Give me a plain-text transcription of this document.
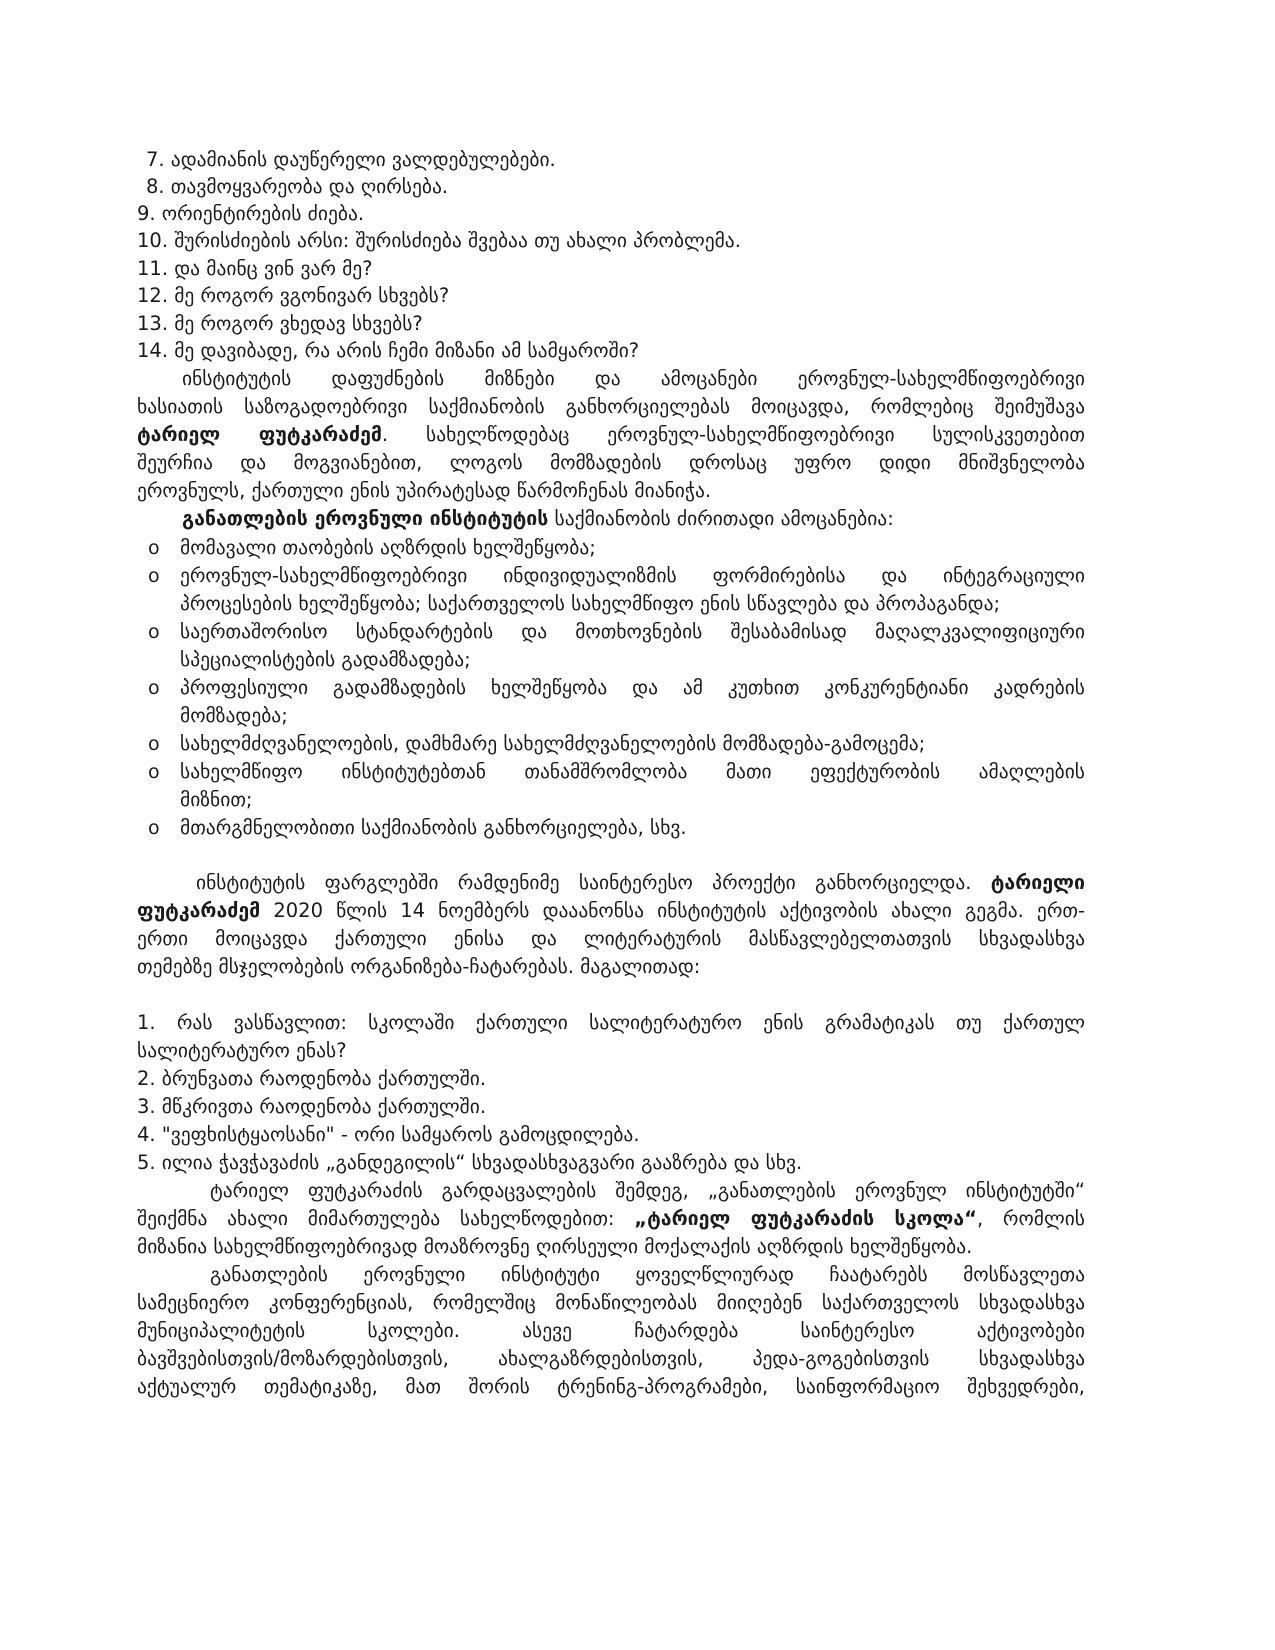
7. ადამიანის დაუწერელი ვალდებულებები.
8. თავმოყვარეობა და ღირსება.
9. ორიენტირების ძიება.
10. შურისძიების არსი: შურისძიება შვებაა თუ ახალი პრობლემა.
11. და მაინც ვინ ვარ მე?
12. მე როგორ ვგონივარ სხვებს?
13. მე როგორ ვხედავ სხვებს?
14. მე დავიბადე, რა არის ჩემი მიზანი ამ სამყაროში?
ინსტიტუტის დაფუძნების მიზნები და ამოცანები ეროვნულ-სახელმწიფოებრივი
ხასიათის საზოგადოებრივი საქმიანობის განხორციელებას მოიცავდა, რომლებიც შეიმუშავა
ტარიელ ფუტკარაძემ. სახელწოდებაც ეროვნულ-სახელმწიფოებრივი სულისკვეთებით
შეურჩია და მოგვიანებით, ლოგოს მომზადების დროსაც უფრო დიდი მნიშვნელობა
ეროვნულს, ქართული ენის უპირატესად წარმოჩენას მიანიჭა.
განათლების ეროვნული ინსტიტუტის საქმიანობის ძირითადი ამოცანებია:
o მომავალი თაობების აღზრდის ხელშეწყობა;
o ეროვნულ-სახელმწიფოებრივი ინდივიდუალიზმის ფორმირებისა და ინტეგრაციული
პროცესების ხელშეწყობა; საქართველოს სახელმწიფო ენის სწავლება და პროპაგანდა;
o საერთაშორისო სტანდარტების და მოთხოვნების შესაბამისად მაღალკვალიფიციური
სპეციალისტების გადამზადება;
o პროფესიული გადამზადების ხელშეწყობა და ამ კუთხით კონკურენტიანი კადრების
მომზადება;
o სახელმძღვანელოების, დამხმარე სახელმძღვანელოების მომზადება-გამოცემა;
o სახელმწიფო ინსტიტუტებთან თანამშრომლობა მათი ეფექტურობის ამაღლების
მიზნით;
o მთარგმნელობითი საქმიანობის განხორციელება, სხვ.
ინსტიტუტის ფარგლებში რამდენიმე საინტერესო პროექტი განხორციელდა. ტარიელი
ფუტკარაძემ 2020 წლის 14 ნოემბერს დააანონსა ინსტიტუტის აქტივობის ახალი გეგმა. ერთ-
ერთი მოიცავდა ქართული ენისა და ლიტერატურის მასწავლებელთათვის სხვადასხვა
თემებზე მსჯელობების ორგანიზება-ჩატარებას. მაგალითად:
1. რას ვასწავლით: სკოლაში ქართული სალიტერატურო ენის გრამატიკას თუ ქართულ
სალიტერატურო ენას?
2. ბრუნვათა რაოდენობა ქართულში.
3. მწკრივთა რაოდენობა ქართულში.
4. "ვეფხისტყაოსანი" - ორი სამყაროს გამოცდილება.
5. ილია ჭავჭავაძის „განდეგილის“ სხვადასხვაგვარი გააზრება და სხვ.
ტარიელ ფუტკარაძის გარდაცვალების შემდეგ, „განათლების ეროვნულ ინსტიტუტში“
შეიქმნა ახალი მიმართულება სახელწოდებით: „ტარიელ ფუტკარაძის სკოლა“, რომლის
მიზანია სახელმწიფოებრივად მოაზროვნე ღირსეული მოქალაქის აღზრდის ხელშეწყობა.
განათლების ეროვნული ინსტიტუტი ყოველწლიურად ჩაატარებს მოსწავლეთა
სამეცნიერო კონფერენციას, რომელშიც მონაწილეობას მიიღებენ საქართველოს სხვადასხვა
მუნიციპალიტეტის სკოლები. ასევე ჩატარდება საინტერესო აქტივობები
ბავშვებისთვის/მოზარდებისთვის, ახალგაზრდებისთვის, პედა-გოგებისთვის სხვადასხვა
აქტუალურ თემატიკაზე, მათ შორის ტრენინგ-პროგრამები, საინფორმაციო შეხვედრები,
